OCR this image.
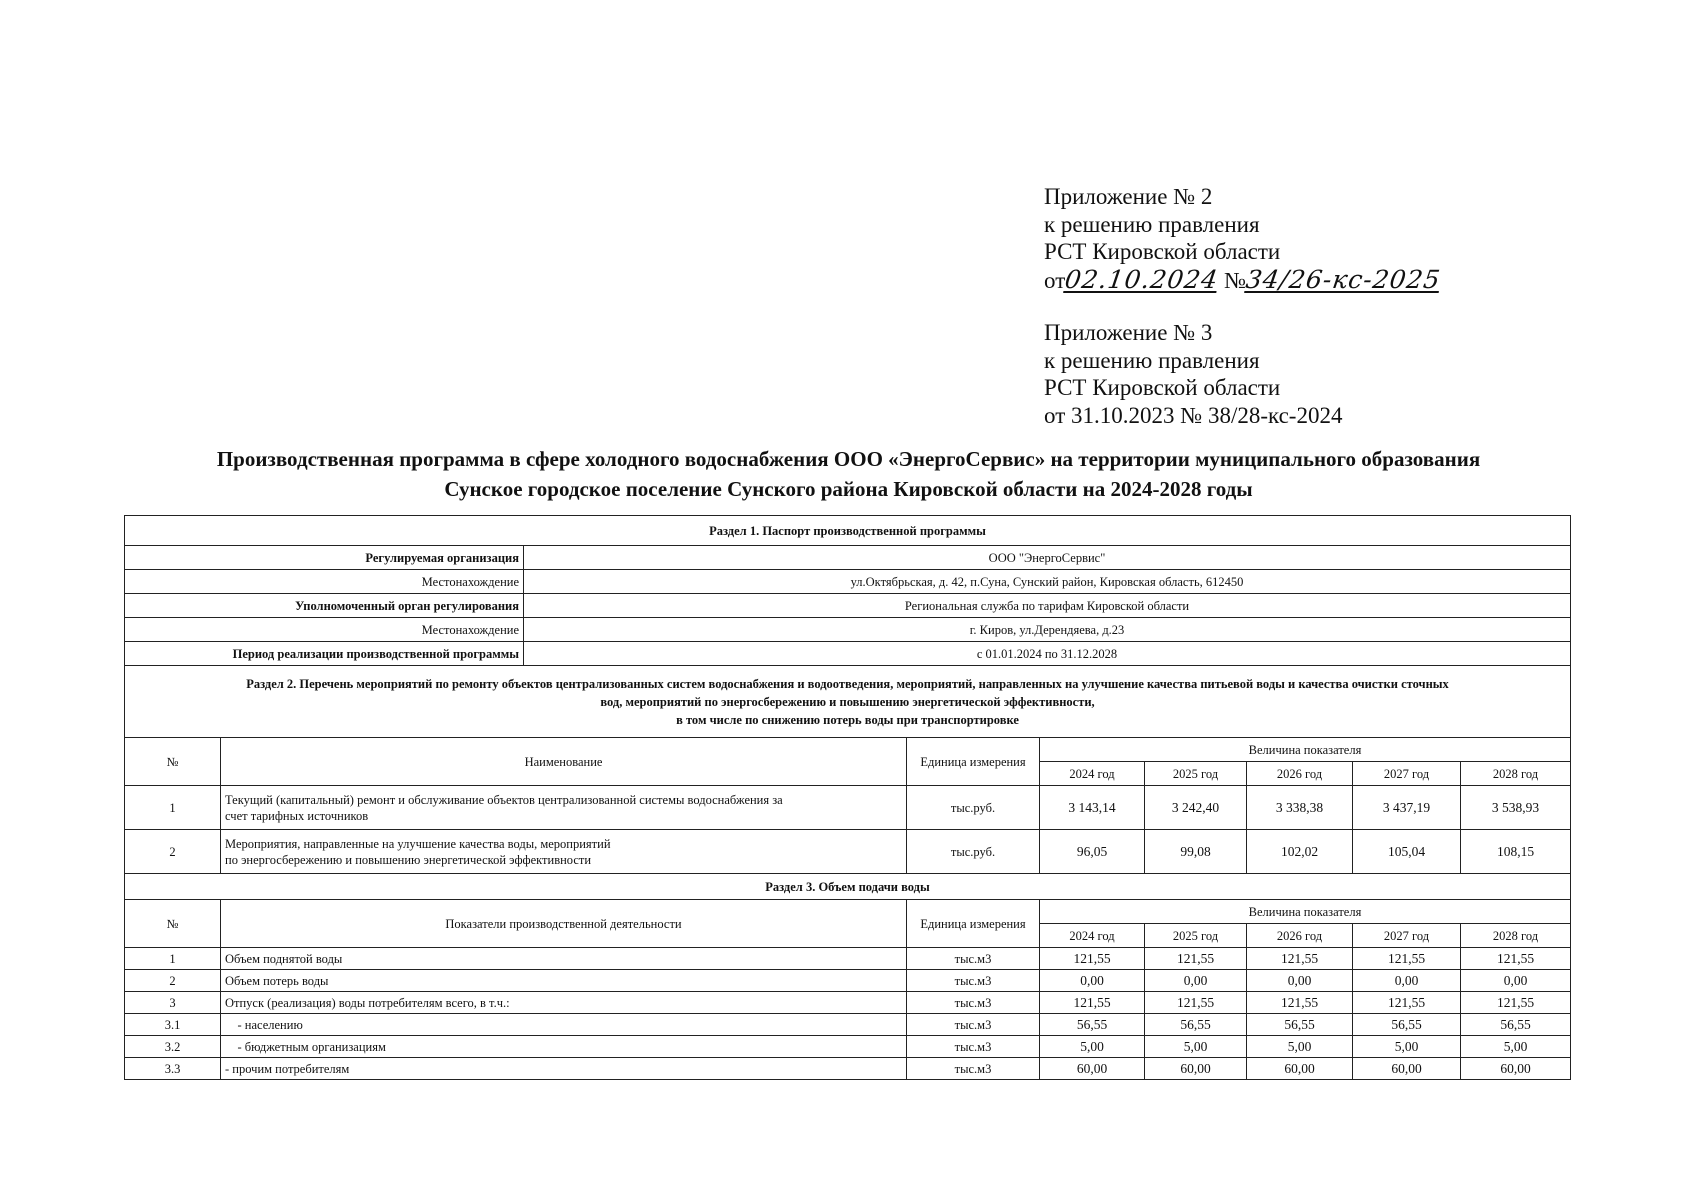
Приложение № 2
к решению правления
РСТ Кировской области
от02.10.2024 №34/26-кс-2025
Приложение № 3
к решению правления
РСТ Кировской области
от 31.10.2023 № 38/28-кс-2024
Производственная программа в сфере холодного водоснабжения ООО «ЭнергоСервис» на территории муниципального образования
Сунское городское поселение Сунского района Кировской области на 2024-2028 годы
Раздел 1. Паспорт производственной программы								
Регулируемая организация		ООО "ЭнергоСервис"						
Местонахождение		ул.Октябрьская, д. 42, п.Суна, Сунский район, Кировская область, 612450						
Уполномоченный орган регулирования		Региональная служба по тарифам Кировской области						
Местонахождение		г. Киров, ул.Дерендяева, д.23						
Период реализации производственной программы		с 01.01.2024 по 31.12.2028						

Раздел 2. Перечень мероприятий по ремонту объектов централизованных систем водоснабжения и водоотведения, мероприятий, направленных на улучшение качества питьевой воды и качества очистки сточных
вод, мероприятий по энергосбережению и повышению энергетической эффективности,
в том числе по снижению потерь воды при транспортировке								

№	Наименование		Единица измерения	Величина показателя				
				2024 год	2025 год	2026 год	2027 год	2028 год
1	Текущий (капитальный) ремонт и обслуживание объектов централизованной системы водоснабжения за
счет тарифных источников		тыс.руб.	3 143,14	3 242,40	3 338,38	3 437,19	3 538,93
2	Мероприятия, направленные на улучшение качества воды, мероприятий
по энергосбережению и повышению энергетической эффективности		тыс.руб.	96,05	99,08	102,02	105,04	108,15
Раздел 3. Объем подачи воды								
№	Показатели производственной деятельности		Единица измерения	Величина показателя				
				2024 год	2025 год	2026 год	2027 год	2028 год
1	Объем поднятой воды		тыс.м3	121,55	121,55	121,55	121,55	121,55
2	Объем потерь воды		тыс.м3	0,00	0,00	0,00	0,00	0,00
3	Отпуск (реализация) воды потребителям всего, в т.ч.:		тыс.м3	121,55	121,55	121,55	121,55	121,55
3.1	- населению		тыс.м3	56,55	56,55	56,55	56,55	56,55
3.2	- бюджетным организациям		тыс.м3	5,00	5,00	5,00	5,00	5,00
3.3	- прочим потребителям		тыс.м3	60,00	60,00	60,00	60,00	60,00
